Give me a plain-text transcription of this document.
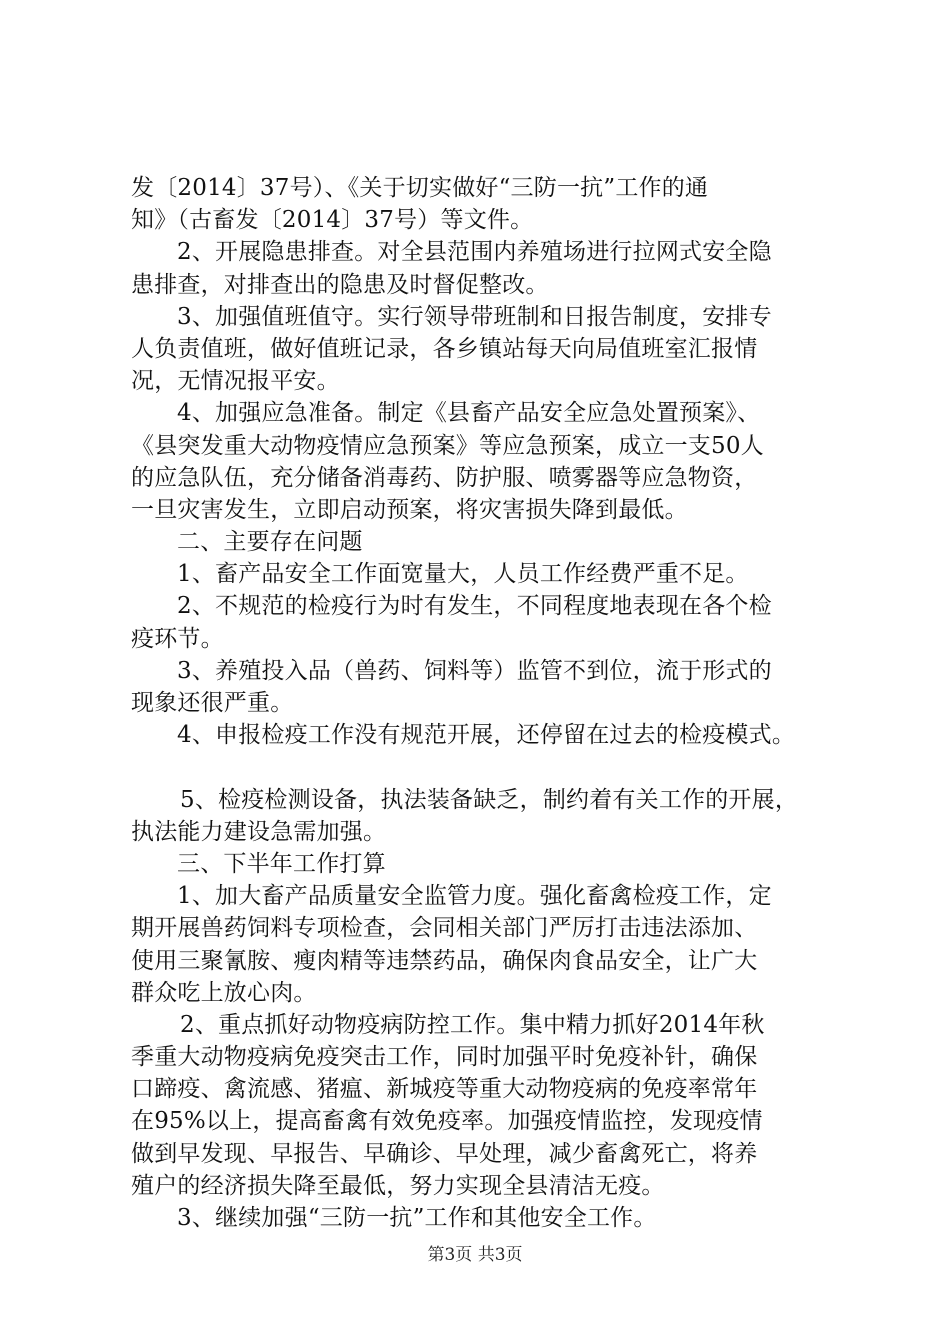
发〔2014〕37号）、《关于切实做好“三防一抗”工作的通
知》（古畜发〔2014〕37号）等文件。
2、开展隐患排查。对全县范围内养殖场进行拉网式安全隐
患排查，对排查出的隐患及时督促整改。
3、加强值班值守。实行领导带班制和日报告制度，安排专
人负责值班，做好值班记录，各乡镇站每天向局值班室汇报情
况，无情况报平安。
4、加强应急准备。制定《县畜产品安全应急处置预案》、
《县突发重大动物疫情应急预案》等应急预案，成立一支50人
的应急队伍，充分储备消毒药、防护服、喷雾器等应急物资，
一旦灾害发生，立即启动预案，将灾害损失降到最低。
二、主要存在问题
1、畜产品安全工作面宽量大，人员工作经费严重不足。
2、不规范的检疫行为时有发生，不同程度地表现在各个检
疫环节。
3、养殖投入品（兽药、饲料等）监管不到位，流于形式的
现象还很严重。
4、申报检疫工作没有规范开展，还停留在过去的检疫模式。
5、检疫检测设备，执法装备缺乏，制约着有关工作的开展，
执法能力建设急需加强。
三、下半年工作打算
1、加大畜产品质量安全监管力度。强化畜禽检疫工作，定
期开展兽药饲料专项检查，会同相关部门严厉打击违法添加、
使用三聚氰胺、瘦肉精等违禁药品，确保肉食品安全，让广大
群众吃上放心肉。
2、重点抓好动物疫病防控工作。集中精力抓好2014年秋
季重大动物疫病免疫突击工作，同时加强平时免疫补针，确保
口蹄疫、禽流感、猪瘟、新城疫等重大动物疫病的免疫率常年
在95%以上，提高畜禽有效免疫率。加强疫情监控，发现疫情
做到早发现、早报告、早确诊、早处理，减少畜禽死亡，将养
殖户的经济损失降至最低，努力实现全县清洁无疫。
3、继续加强“三防一抗”工作和其他安全工作。
第3页 共3页
